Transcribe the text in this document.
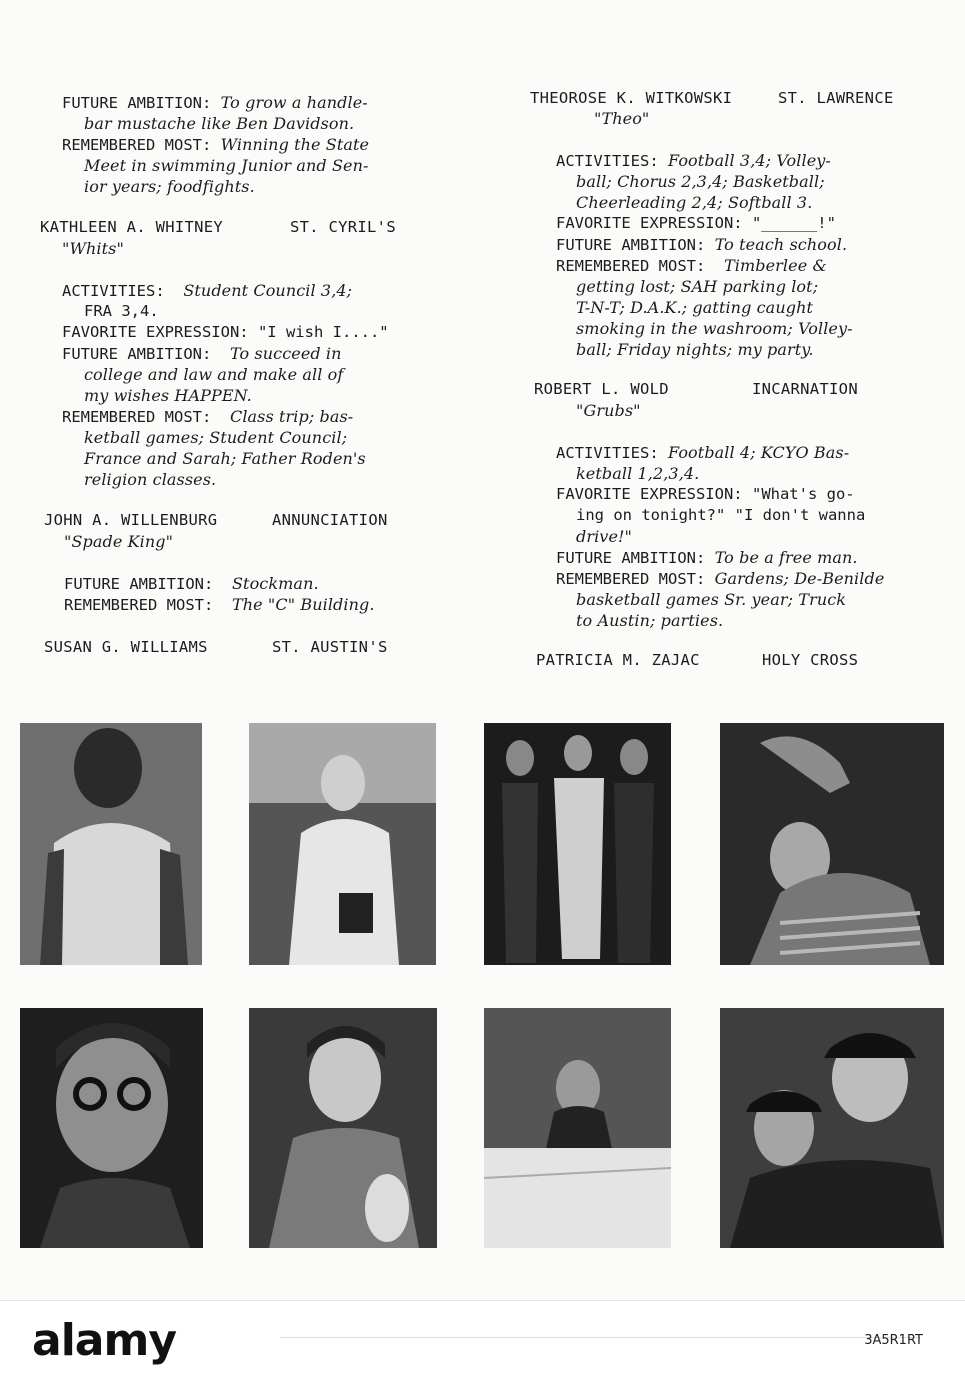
FUTURE AMBITION: To grow a handle-
bar mustache like Ben Davidson.
REMEMBERED MOST: Winning the State
Meet in swimming Junior and Sen-
ior years; foodfights.
KATHLEEN A. WHITNEY	ST. CYRIL'S
"Whits"
ACTIVITIES: Student Council 3,4;
FRA 3,4.
FAVORITE EXPRESSION: "I wish I...."
FUTURE AMBITION: To succeed in
college and law and make all of
my wishes HAPPEN.
REMEMBERED MOST: Class trip; bas-
ketball games; Student Council;
France and Sarah; Father Roden's
religion classes.
JOHN A. WILLENBURG	ANNUNCIATION
"Spade King"
FUTURE AMBITION: Stockman.
REMEMBERED MOST: The "C" Building.
SUSAN G. WILLIAMS	ST. AUSTIN'S
THEOROSE K. WITKOWSKI	ST. LAWRENCE
"Theo"
ACTIVITIES: Football 3,4; Volley-
ball; Chorus 2,3,4; Basketball;
Cheerleading 2,4; Softball 3.
FAVORITE EXPRESSION: "______!"
FUTURE AMBITION: To teach school.
REMEMBERED MOST: Timberlee &
getting lost; SAH parking lot;
T-N-T; D.A.K.; gatting caught
smoking in the washroom; Volley-
ball; Friday nights; my party.
ROBERT L. WOLD	INCARNATION
"Grubs"
ACTIVITIES: Football 4; KCYO Bas-
ketball 1,2,3,4.
FAVORITE EXPRESSION: "What's go-
ing on tonight?" "I don't wanna
drive!"
FUTURE AMBITION: To be a free man.
REMEMBERED MOST: Gardens; De-Benilde
basketball games Sr. year; Truck
to Austin; parties.
PATRICIA M. ZAJAC	HOLY CROSS
alamy	3A5R1RT
